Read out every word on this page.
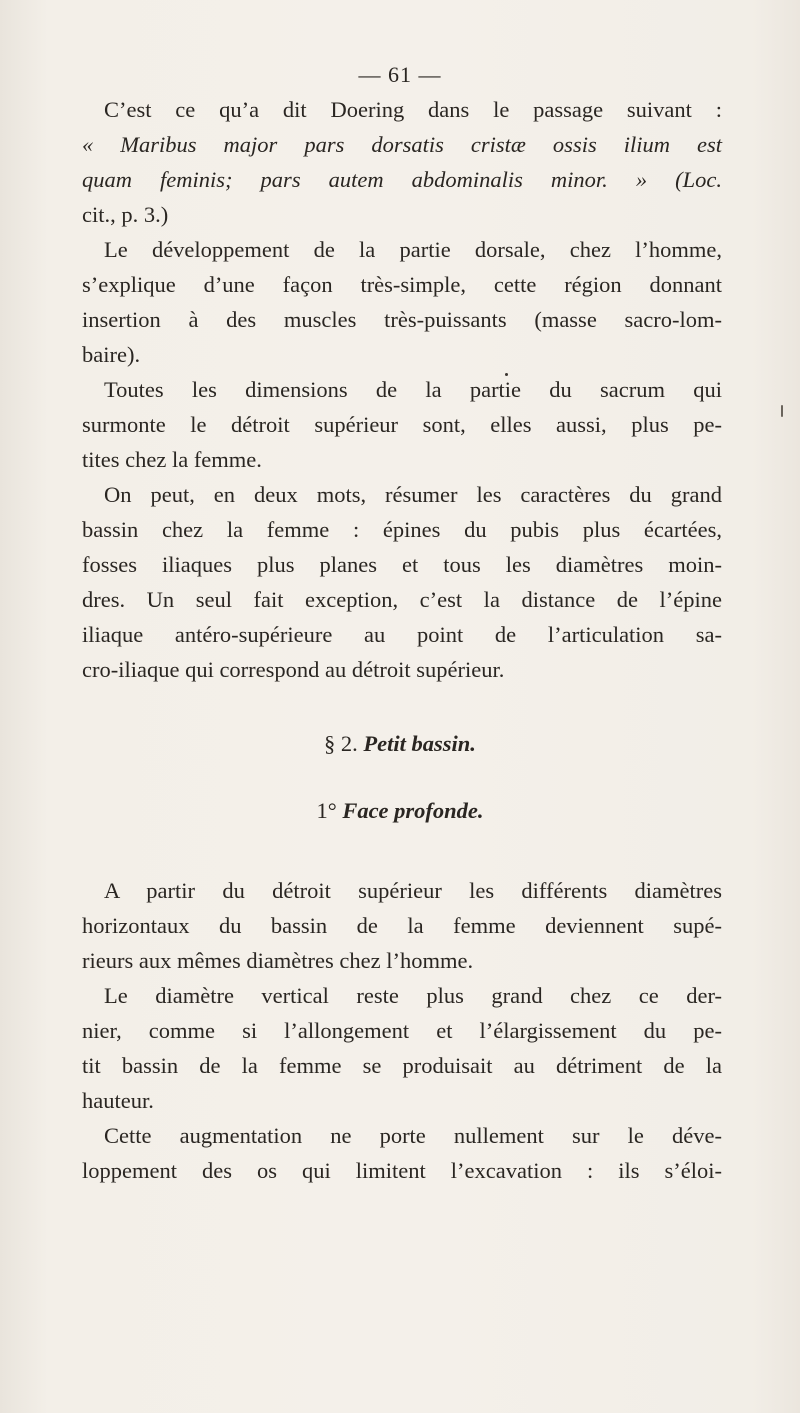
— 61 —
C’est ce qu’a dit Doering dans le passage suivant :
« Maribus major pars dorsatis cristæ ossis ilium est
quam feminis; pars autem abdominalis minor. » (Loc.
cit., p. 3.)
Le développement de la partie dorsale, chez l’homme,
s’explique d’une façon très-simple, cette région donnant
insertion à des muscles très-puissants (masse sacro-lom-
baire).
Toutes les dimensions de la partie du sacrum qui
surmonte le détroit supérieur sont, elles aussi, plus pe-
tites chez la femme.
On peut, en deux mots, résumer les caractères du grand
bassin chez la femme : épines du pubis plus écartées,
fosses iliaques plus planes et tous les diamètres moin-
dres. Un seul fait exception, c’est la distance de l’épine
iliaque antéro-supérieure au point de l’articulation sa-
cro-iliaque qui correspond au détroit supérieur.
§ 2. Petit bassin.
1° Face profonde.
A partir du détroit supérieur les différents diamètres
horizontaux du bassin de la femme deviennent supé-
rieurs aux mêmes diamètres chez l’homme.
Le diamètre vertical reste plus grand chez ce der-
nier, comme si l’allongement et l’élargissement du pe-
tit bassin de la femme se produisait au détriment de la
hauteur.
Cette augmentation ne porte nullement sur le déve-
loppement des os qui limitent l’excavation : ils s’éloi-
